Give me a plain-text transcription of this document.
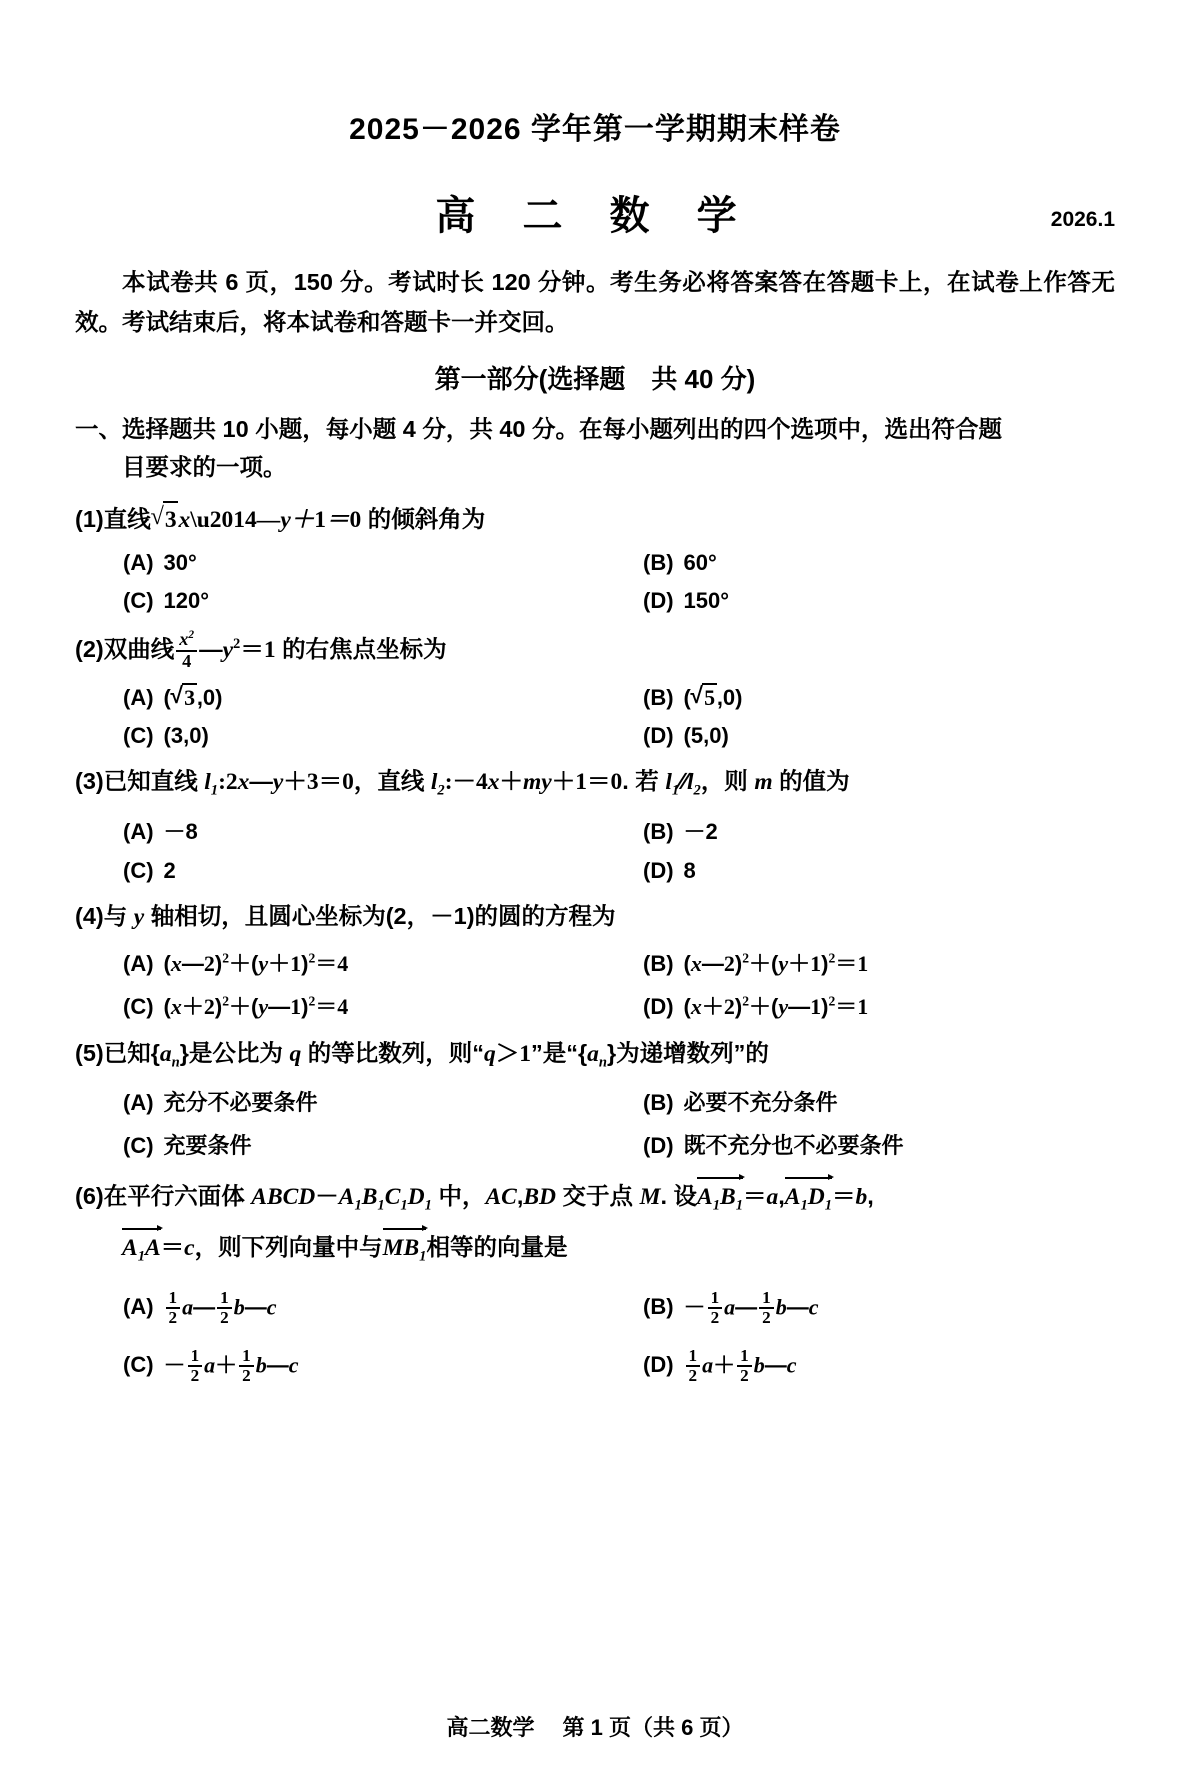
2025－2026 学年第一学期期末样卷
高 二 数 学	2026.1
本试卷共 6 页，150 分。考试时长 120 分钟。考生务必将答案答在答题卡上，在试卷上作答无效。考试结束后，将本试卷和答题卡一并交回。
第一部分(选择题　共 40 分)
一、选择题共 10 小题，每小题 4 分，共 40 分。在每小题列出的四个选项中，选出符合题
目要求的一项。
(1)直线 √ 3x\u2014—y＋1＝0 的倾斜角为
(A) 30°	(B) 60°
(C) 120°	(D) 150°
(2)双曲线 $\frac{x^2}{4}$ $—y^2=1$ 的右焦点坐标为
(A) ( √ 3,0)	(B) ( √ 5,0)
(C) (3,0)	(D) (5,0)
(3)已知直线 $l_1:2x—y+3=0$，直线 $l_2:-4x+my+1=0$. 若 $l_1∕∕l_2$，则 m 的值为
(A) －8	(B) －2
(C) 2	(D) 8
(4)与 y 轴相切，且圆心坐标为(2，－1)的圆的方程为
(A) $(x—2)^2+(y+1)^2=4$	(B) $(x—2)^2+(y+1)^2=1$
(C) $(x+2)^2+(y—1)^2=4$	(D) $(x+2)^2+(y—1)^2=1$
(5)已知$\{a_n\}$是公比为 q 的等比数列，则“q＞1”是“$\{a_n\}$为递增数列”的
(A) 充分不必要条件	(B) 必要不充分条件
(C) 充要条件	(D) 既不充分也不必要条件
(6)在平行六面体 $ABCD-A_1B_1C_1D_1$ 中，AC,BD 交于点 M. 设$A_1B_1=a,A_1D_1=b$,
$A_1A=c$，则下列向量中与$MB_1$相等的向量是
$(A) \frac{1}{2}$ a— $\frac{1}{2}$ b—c	$(B) - \frac{1}{2}$ a— $\frac{1}{2}$ b—c
$(C) - \frac{1}{2} a+ \frac{1}{2}$ b—c	$(D) \frac{1}{2} a+ \frac{1}{2}$ b—c
高二数学 第 1 页（共 6 页）
